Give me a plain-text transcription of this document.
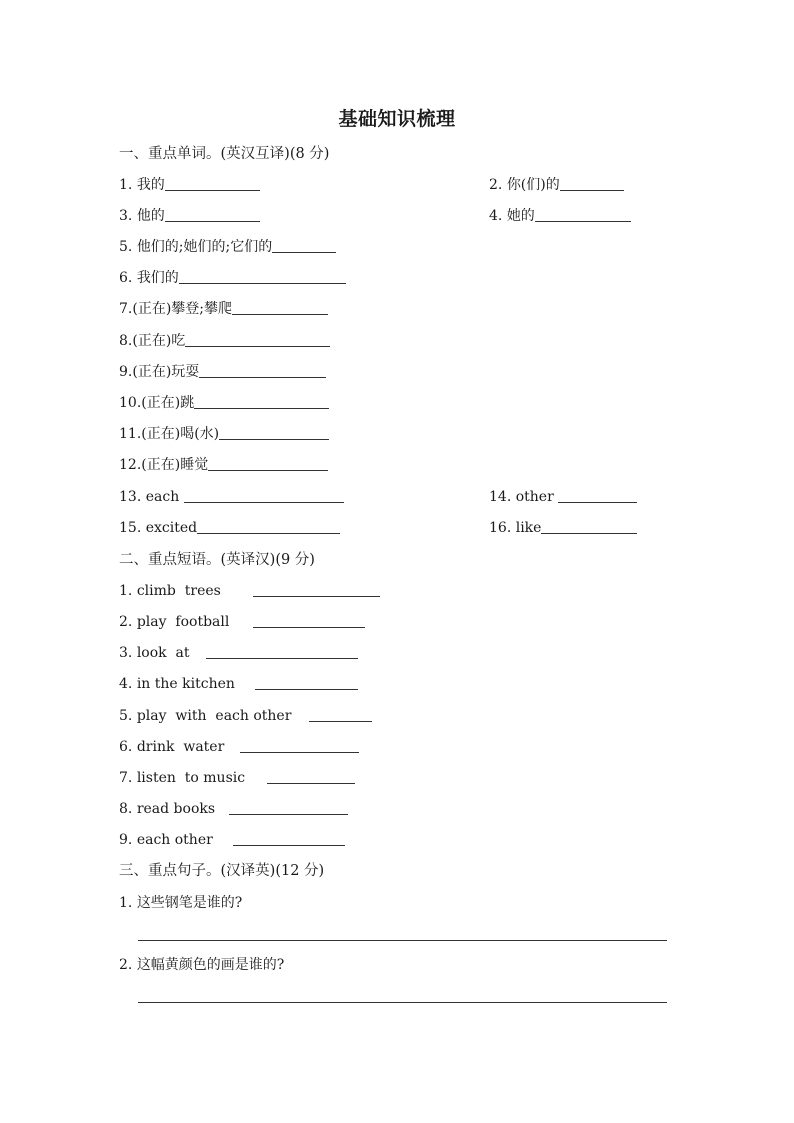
基础知识梳理
一、重点单词。(英汉互译)(8 分)
1. 我的	2. 你(们)的
3. 他的	4. 她的
5. 他们的;她们的;它们的
6. 我们的
7.(正在)攀登;攀爬
8.(正在)吃
9.(正在)玩耍
10.(正在)跳
11.(正在)喝(水)
12.(正在)睡觉
13. each	14. other
15. excited	16. like
二、重点短语。(英译汉)(9 分)
1. climb  trees
2. play  football
3. look  at
4. in the kitchen
5. play  with  each other
6. drink  water
7. listen  to music
8. read books
9. each other
三、重点句子。(汉译英)(12 分)
1. 这些钢笔是谁的?
2. 这幅黄颜色的画是谁的?
